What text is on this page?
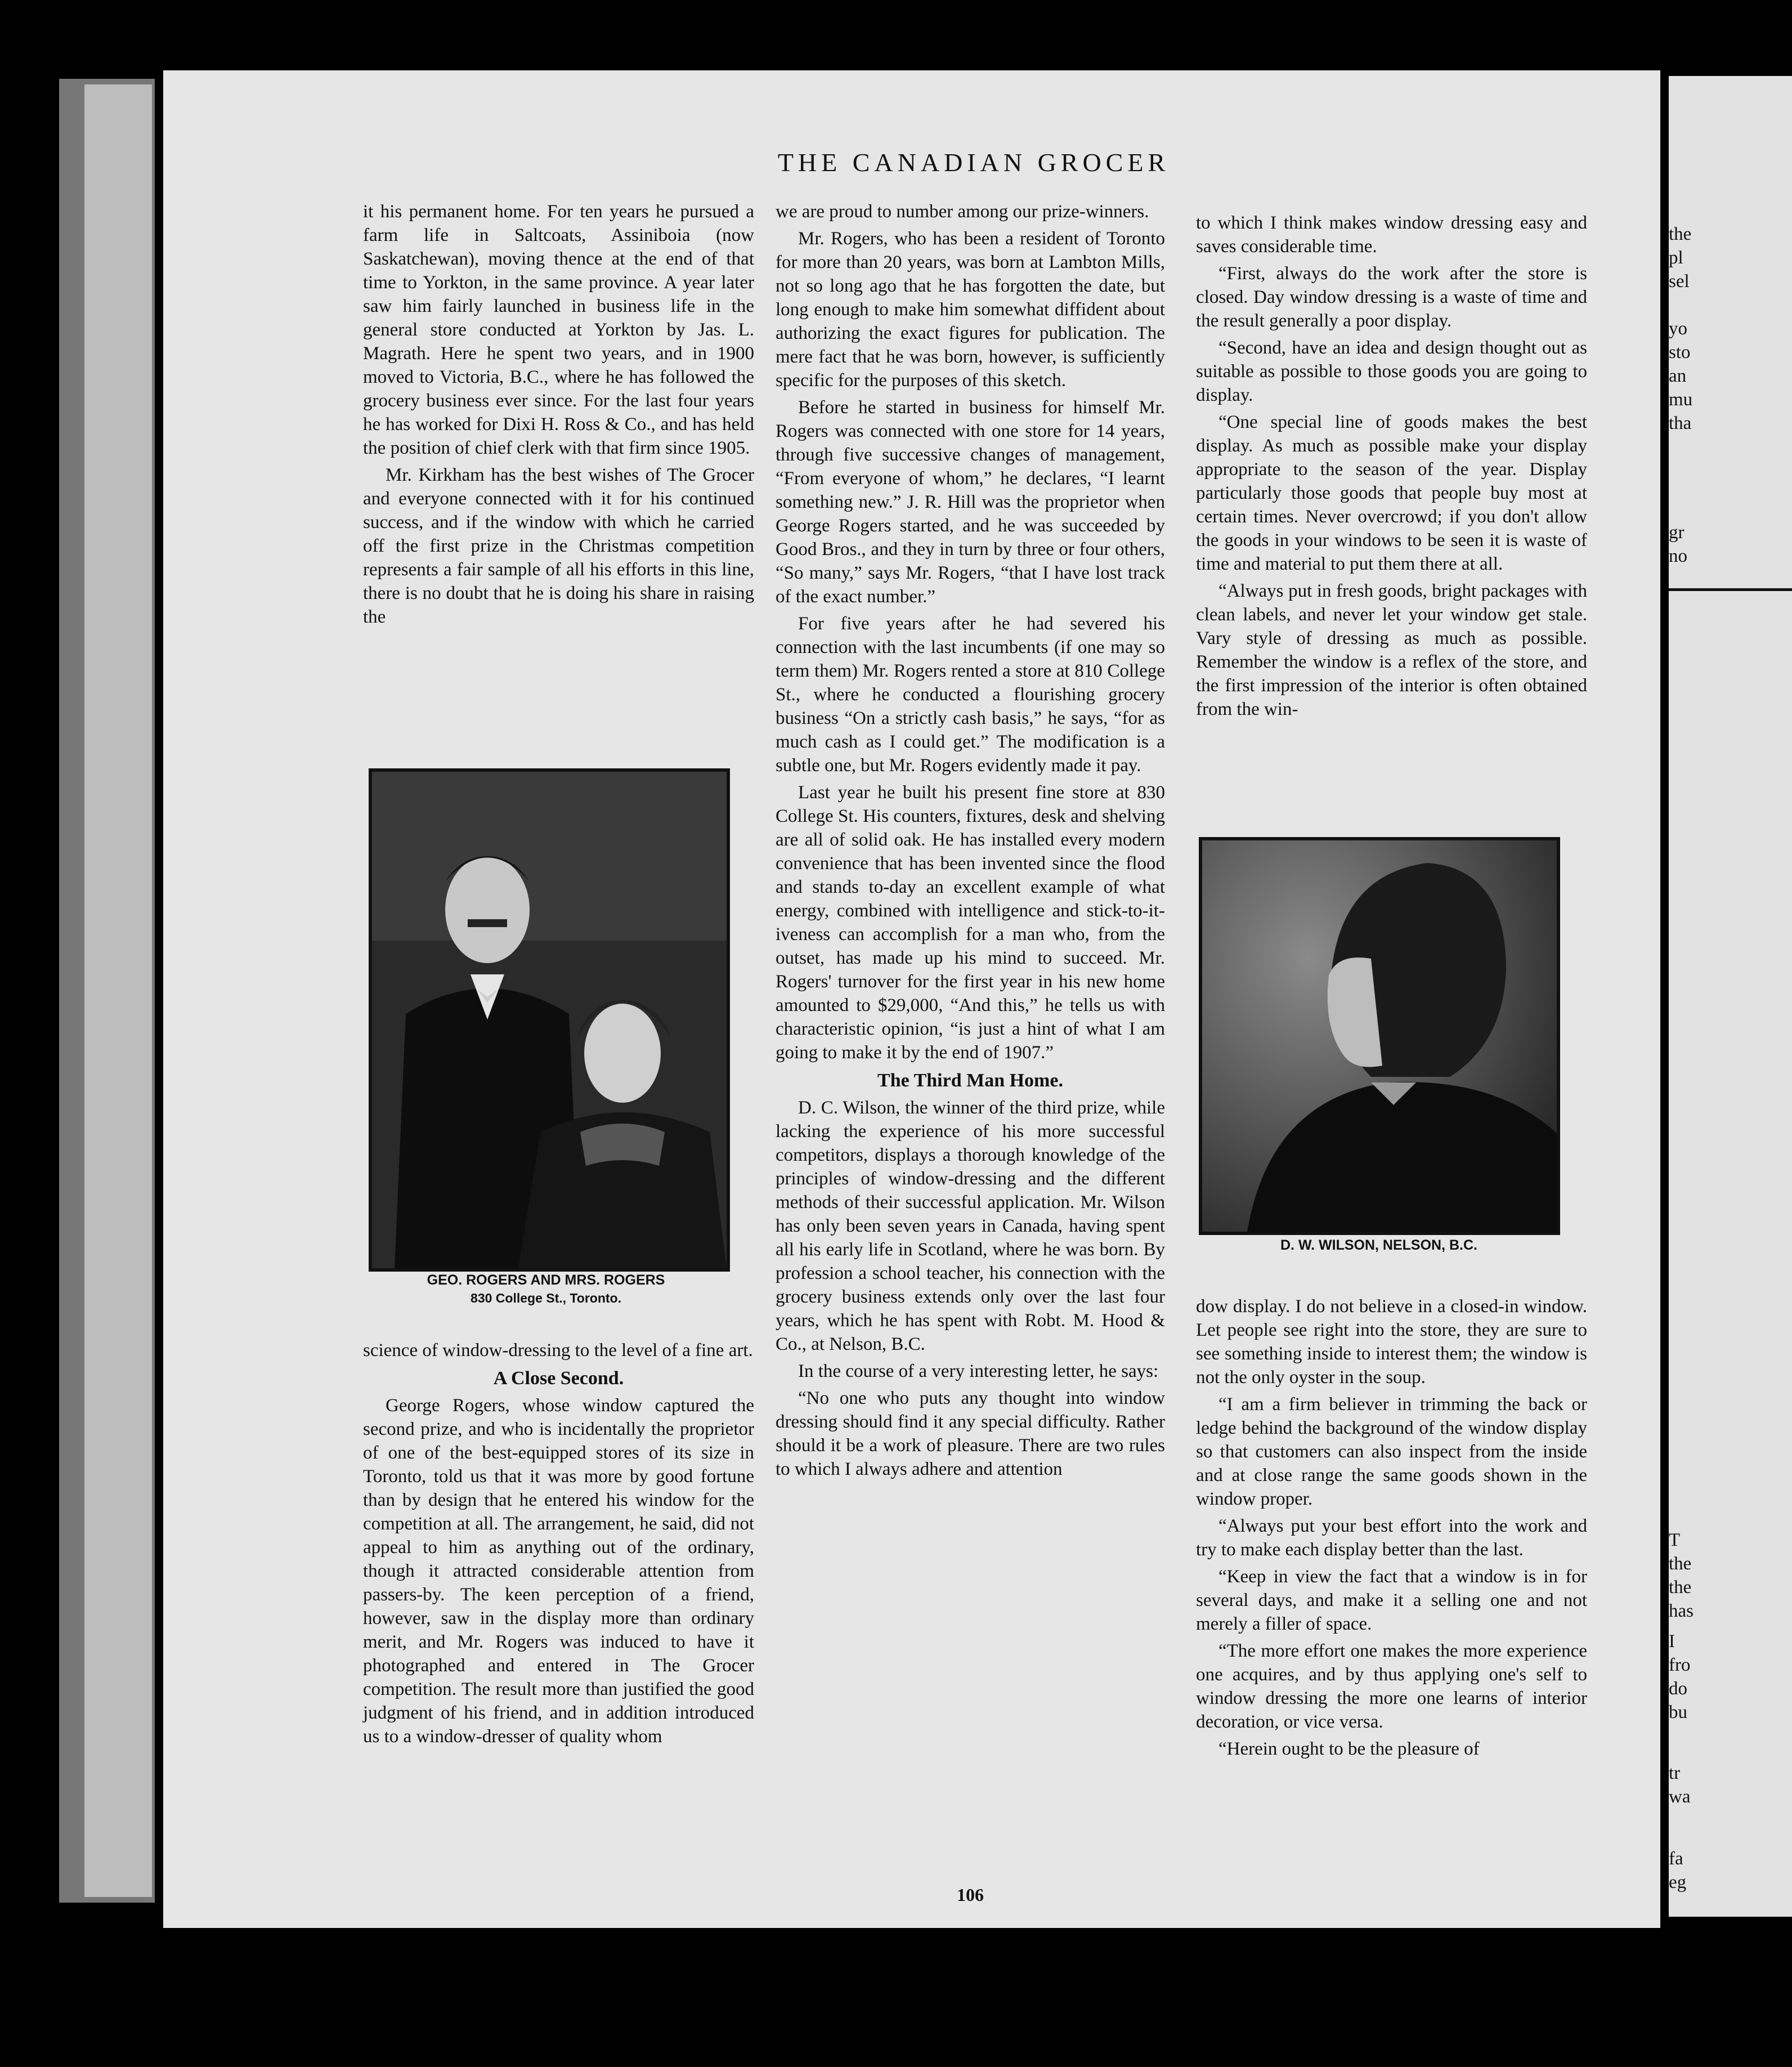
THE CANADIAN GROCER

it his permanent home. For ten years he pursued a farm life in Saltcoats, Assiniboia (now Saskatchewan), moving thence at the end of that time to Yorkton, in the same province. A year later saw him fairly launched in business life in the general store conducted at Yorkton by Jas. L. Magrath. Here he spent two years, and in 1900 moved to Victoria, B.C., where he has followed the grocery business ever since. For the last four years he has worked for Dixi H. Ross & Co., and has held the position of chief clerk with that firm since 1905.

Mr. Kirkham has the best wishes of The Grocer and everyone connected with it for his continued success, and if the window with which he carried off the first prize in the Christmas competition represents a fair sample of all his efforts in this line, there is no doubt that he is doing his share in raising the

GEO. ROGERS AND MRS. ROGERS
830 College St., Toronto.

science of window-dressing to the level of a fine art.

A Close Second.

George Rogers, whose window captured the second prize, and who is incidentally the proprietor of one of the best-equipped stores of its size in Toronto, told us that it was more by good fortune than by design that he entered his window for the competition at all. The arrangement, he said, did not appeal to him as anything out of the ordinary, though it attracted considerable attention from passers-by. The keen perception of a friend, however, saw in the display more than ordinary merit, and Mr. Rogers was induced to have it photographed and entered in The Grocer competition. The result more than justified the good judgment of his friend, and in addition introduced us to a window-dresser of quality whom

we are proud to number among our prize-winners.

Mr. Rogers, who has been a resident of Toronto for more than 20 years, was born at Lambton Mills, not so long ago that he has forgotten the date, but long enough to make him somewhat diffident about authorizing the exact figures for publication. The mere fact that he was born, however, is sufficiently specific for the purposes of this sketch.

Before he started in business for himself Mr. Rogers was connected with one store for 14 years, through five successive changes of management, “From everyone of whom,” he declares, “I learnt something new.” J. R. Hill was the proprietor when George Rogers started, and he was succeeded by Good Bros., and they in turn by three or four others, “So many,” says Mr. Rogers, “that I have lost track of the exact number.”

For five years after he had severed his connection with the last incumbents (if one may so term them) Mr. Rogers rented a store at 810 College St., where he conducted a flourishing grocery business “On a strictly cash basis,” he says, “for as much cash as I could get.” The modification is a subtle one, but Mr. Rogers evidently made it pay.

Last year he built his present fine store at 830 College St. His counters, fixtures, desk and shelving are all of solid oak. He has installed every modern convenience that has been invented since the flood and stands to-day an excellent example of what energy, combined with intelligence and stick-to-it-iveness can accomplish for a man who, from the outset, has made up his mind to succeed. Mr. Rogers' turnover for the first year in his new home amounted to $29,000, “And this,” he tells us with characteristic opinion, “is just a hint of what I am going to make it by the end of 1907.”

The Third Man Home.

D. C. Wilson, the winner of the third prize, while lacking the experience of his more successful competitors, displays a thorough knowledge of the principles of window-dressing and the different methods of their successful application. Mr. Wilson has only been seven years in Canada, having spent all his early life in Scotland, where he was born. By profession a school teacher, his connection with the grocery business extends only over the last four years, which he has spent with Robt. M. Hood & Co., at Nelson, B.C.

In the course of a very interesting letter, he says:

“No one who puts any thought into window dressing should find it any special difficulty. Rather should it be a work of pleasure. There are two rules to which I always adhere and attention

to which I think makes window dressing easy and saves considerable time.

“First, always do the work after the store is closed. Day window dressing is a waste of time and the result generally a poor display.

“Second, have an idea and design thought out as suitable as possible to those goods you are going to display.

“One special line of goods makes the best display. As much as possible make your display appropriate to the season of the year. Display particularly those goods that people buy most at certain times. Never overcrowd; if you don't allow the goods in your windows to be seen it is waste of time and material to put them there at all.

“Always put in fresh goods, bright packages with clean labels, and never let your window get stale. Vary style of dressing as much as possible. Remember the window is a reflex of the store, and the first impression of the interior is often obtained from the win-

D. W. WILSON, NELSON, B.C.

dow display. I do not believe in a closed-in window. Let people see right into the store, they are sure to see something inside to interest them; the window is not the only oyster in the soup.

“I am a firm believer in trimming the back or ledge behind the background of the window display so that customers can also inspect from the inside and at close range the same goods shown in the window proper.

“Always put your best effort into the work and try to make each display better than the last.

“Keep in view the fact that a window is in for several days, and make it a selling one and not merely a filler of space.

“The more effort one makes the more experience one acquires, and by thus applying one's self to window dressing the more one learns of interior decoration, or vice versa.

“Herein ought to be the pleasure of

106
the
pl
sel
yo
sto
an
mu
tha
gr
no
T
the
the
has
I
fro
do
bu
tr
wa
fa
eg
